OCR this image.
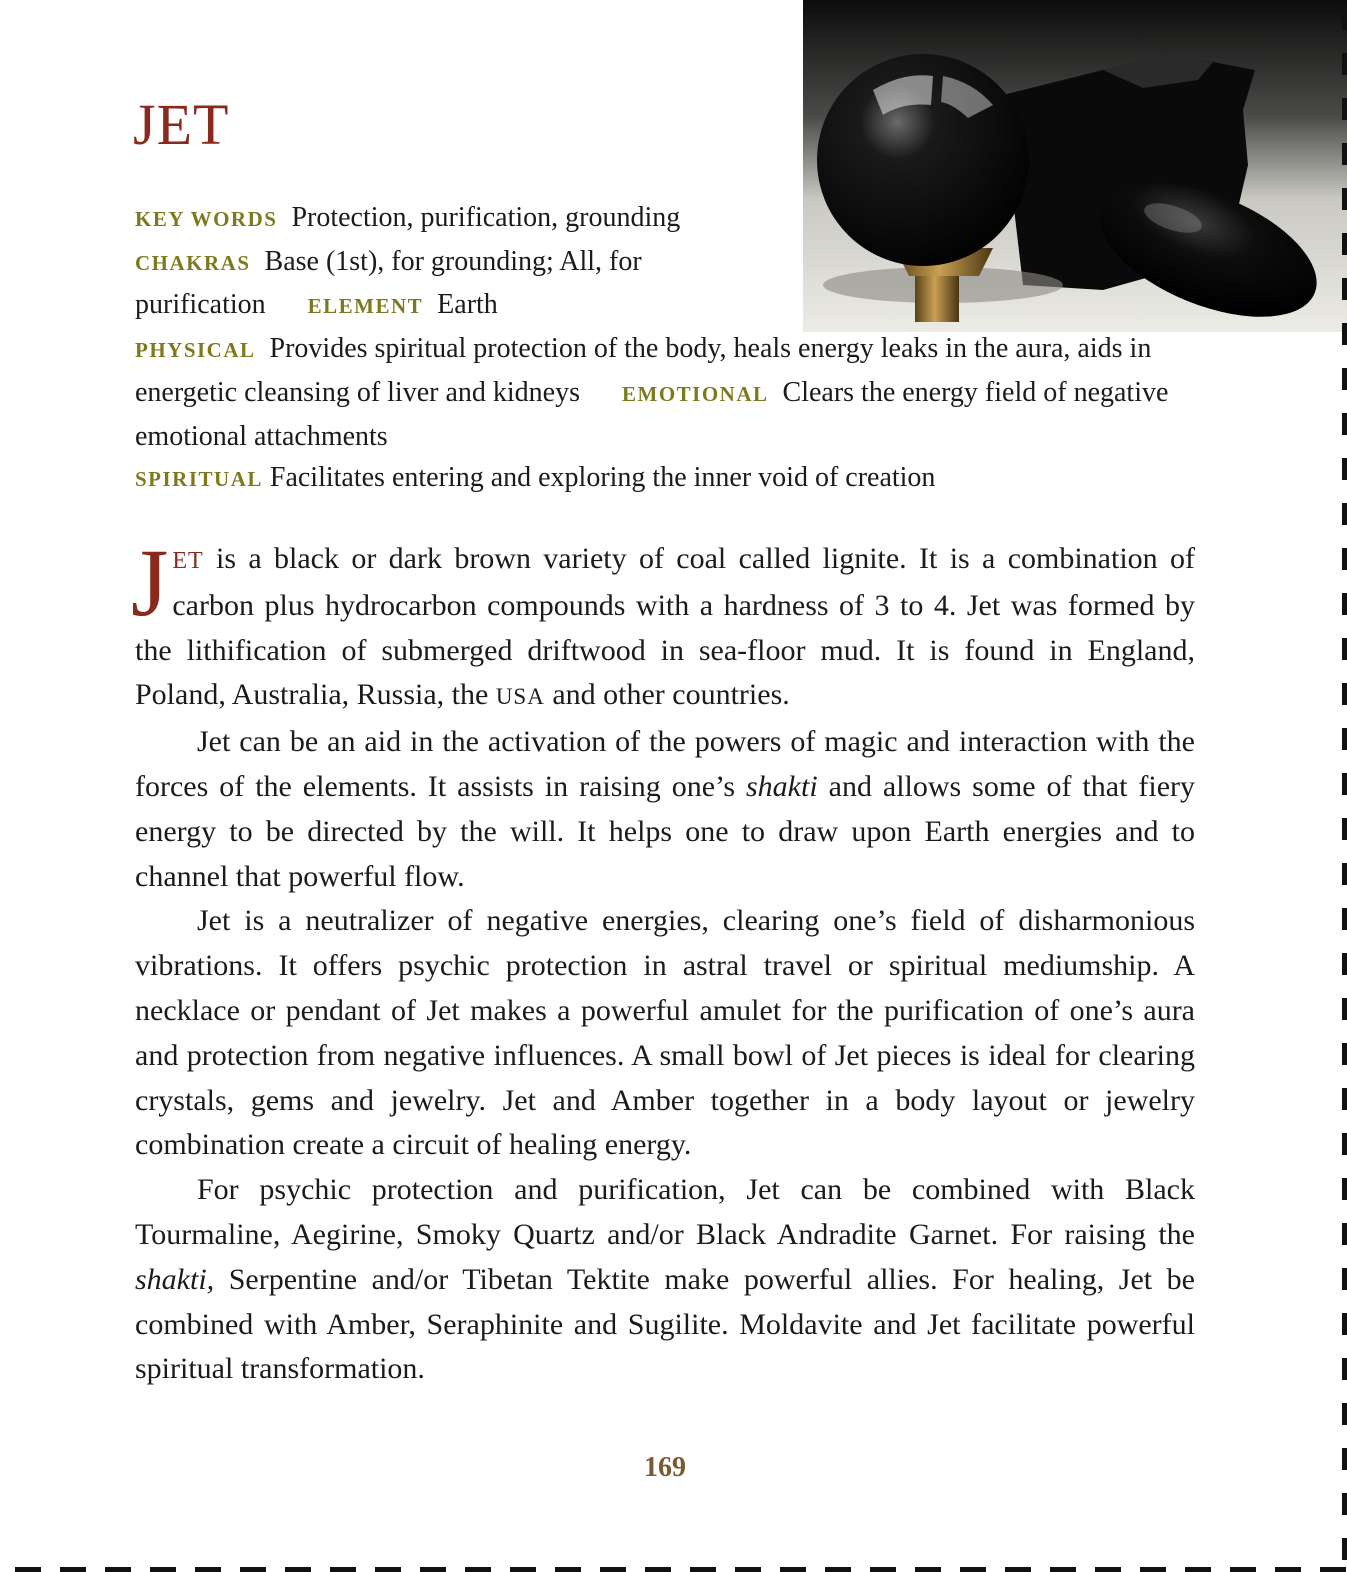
JET

KEY WORDS Protection, purification, grounding

CHAKRAS Base (1st), for grounding; All, for purification ELEMENT Earth

PHYSICAL Provides spiritual protection of the body, heals energy leaks in the aura, aids in energetic cleansing of liver and kidneys EMOTIONAL Clears the energy field of negative emotional attachments

SPIRITUAL Facilitates entering and exploring the inner void of creation

JET is a black or dark brown variety of coal called lignite. It is a combination of carbon plus hydrocarbon compounds with a hardness of 3 to 4. Jet was formed by the lithification of submerged driftwood in sea-floor mud. It is found in England, Poland, Australia, Russia, the USA and other countries.

Jet can be an aid in the activation of the powers of magic and interaction with the forces of the elements. It assists in raising one’s shakti and allows some of that fiery energy to be directed by the will. It helps one to draw upon Earth energies and to channel that powerful flow.

Jet is a neutralizer of negative energies, clearing one’s field of disharmonious vibrations. It offers psychic protection in astral travel or spiritual mediumship. A necklace or pendant of Jet makes a powerful amulet for the purification of one’s aura and protection from negative influences. A small bowl of Jet pieces is ideal for clearing crystals, gems and jewelry. Jet and Amber together in a body layout or jewelry combination create a circuit of healing energy.

For psychic protection and purification, Jet can be combined with Black Tourmaline, Aegirine, Smoky Quartz and/or Black Andradite Garnet. For raising the shakti, Serpentine and/or Tibetan Tektite make powerful allies. For healing, Jet be combined with Amber, Seraphinite and Sugilite. Moldavite and Jet facilitate powerful spiritual transformation.

169
